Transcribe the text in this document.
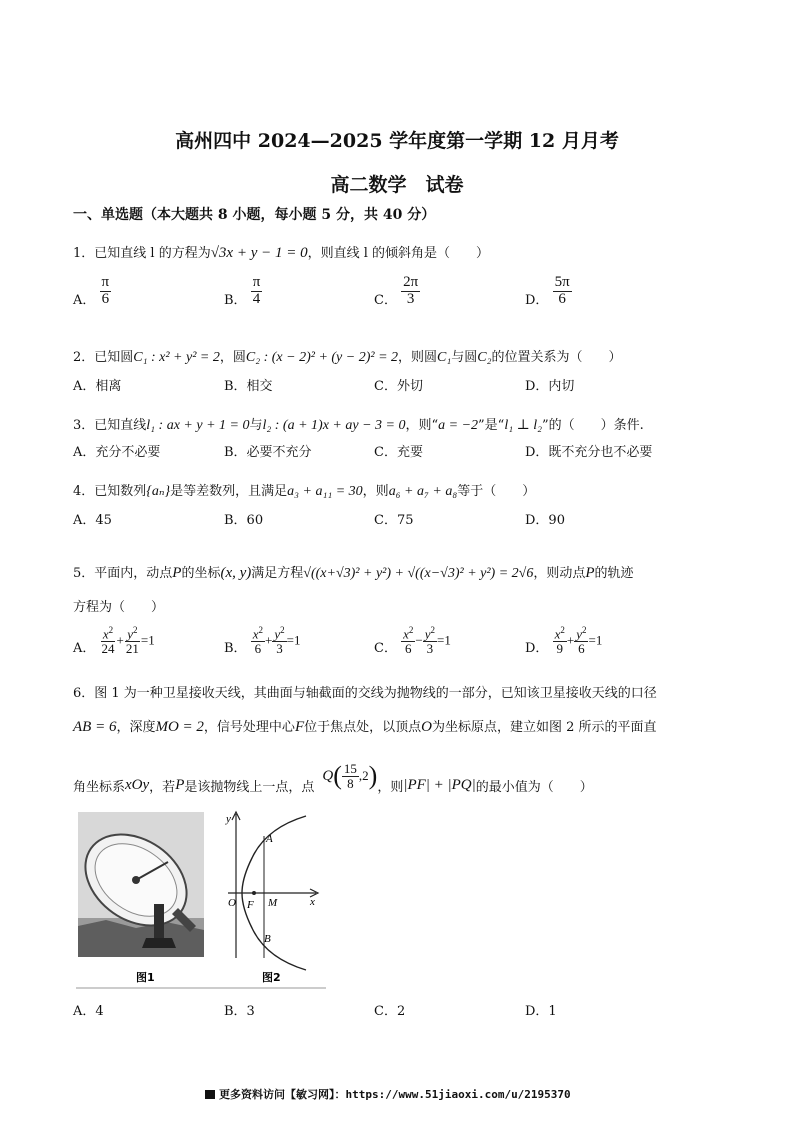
高州四中 2024—2025 学年度第一学期 12 月月考
高二数学　试卷
一、单选题（本大题共 8 小题，每小题 5 分，共 40 分）
1．已知直线 l 的方程为√3x + y − 1 = 0，则直线 l 的倾斜角是（　　）
A． $\frac{\pi}{6}$	B． $\frac{\pi}{4}$	C． $\frac{2\pi}{3}$	D． $\frac{5\pi}{6}$
2．已知圆C₁ : x² + y² = 2，圆C₂ : (x − 2)² + (y − 2)² = 2，则圆C₁与圆C₂的位置关系为（　　）
A．相离	B．相交	C．外切	D．内切
3．已知直线l₁ : ax + y + 1 = 0与l₂ : (a + 1)x + ay − 3 = 0，则“a = −2”是“l₁ ⊥ l₂”的（　　）条件.
A．充分不必要	B．必要不充分	C．充要	D．既不充分也不必要
4．已知数列{aₙ}是等差数列，且满足a₃ + a₁₁ = 30，则a₆ + a₇ + a₈等于（　　）
A．45	B．60	C．75	D．90
5．平面内，动点P的坐标(x, y)满足方程√((x+√3)² + y²) + √((x−√3)² + y²) = 2√6，则动点P的轨迹
方程为（　　）
A． $\frac{x^2}{24} + \frac{y^2}{21} =1$
B． $\frac{x^2}{6} + \frac{y^2}{3} =1$
C． $\frac{x^2}{6} - \frac{y^2}{3} =1$
D． $\frac{x^2}{9} + \frac{y^2}{6} =1$
6．图 1 为一种卫星接收天线，其曲面与轴截面的交线为抛物线的一部分，已知该卫星接收天线的口径
AB = 6，深度MO = 2，信号处理中心F位于焦点处，以顶点O为坐标原点，建立如图 2 所示的平面直
角坐标系 xOy ，若 P 是该抛物线上一点，点
Q ( $\frac{15}{8}$ , 2 ) ，则 |PF| + |PQ| 的最小值为（　　）
y
x
A
B
O F M
图1	图2
A．4	B．3	C．2	D．1
更多资料访问【敏习网】：https://www.51jiaoxi.com/u/2195370
